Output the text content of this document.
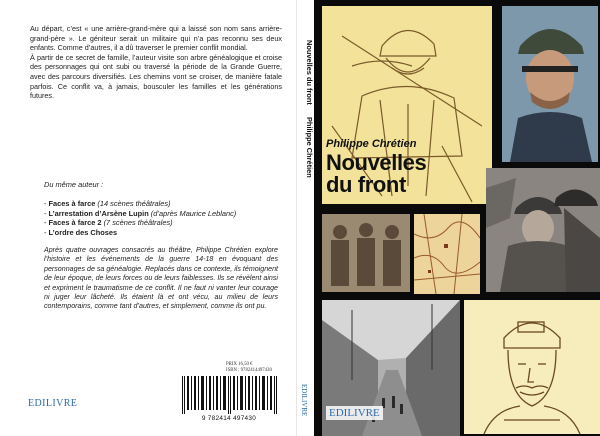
Au départ, c’est « une arrière-grand-mère qui a laissé son nom sans arrière-grand-père ». Le géniteur serait un militaire qui n’a pas reconnu ses deux enfants. Comme d’autres, il a dû traverser le premier conflit mondial.

À partir de ce secret de famille, l’auteur visite son arbre généalogique et croise des personnages qui ont subi ou traversé la période de la Grande Guerre, avec des parcours diversifiés. Les chemins vont se croiser, de manière fatale parfois. Ce conflit va, à jamais, bousculer les familles et les générations futures.

Du même auteur :
- Faces à farce (14 scènes théâtrales)
- L’arrestation d’Arsène Lupin (d’après Maurice Leblanc)
- Faces à farce 2 (7 scènes théâtrales)
- L’ordre des Choses
Après quatre ouvrages consacrés au théâtre, Philippe Chrétien explore l’histoire et les événements de la guerre 14-18 en évoquant des personnages de sa généalogie. Replacés dans ce contexte, ils témoignent de leur époque, de leurs forces ou de leurs faiblesses. Ils se révèlent ainsi et expriment le traumatisme de ce conflit. Il ne faut ni vanter leur courage ni juger leur lâcheté. Ils étaient là et ont vécu, au milieu de leurs contemporains, comme tant d’autres, et simplement, comme ils ont pu.
PRIX 16,50 €
ISBN : 9782414497430
9 782414 497430
EDILIVRE
Nouvelles du front Philippe Chrétien
EDILIVRE
Philippe Chrétien
Nouvelles
du front
EDILIVRE
